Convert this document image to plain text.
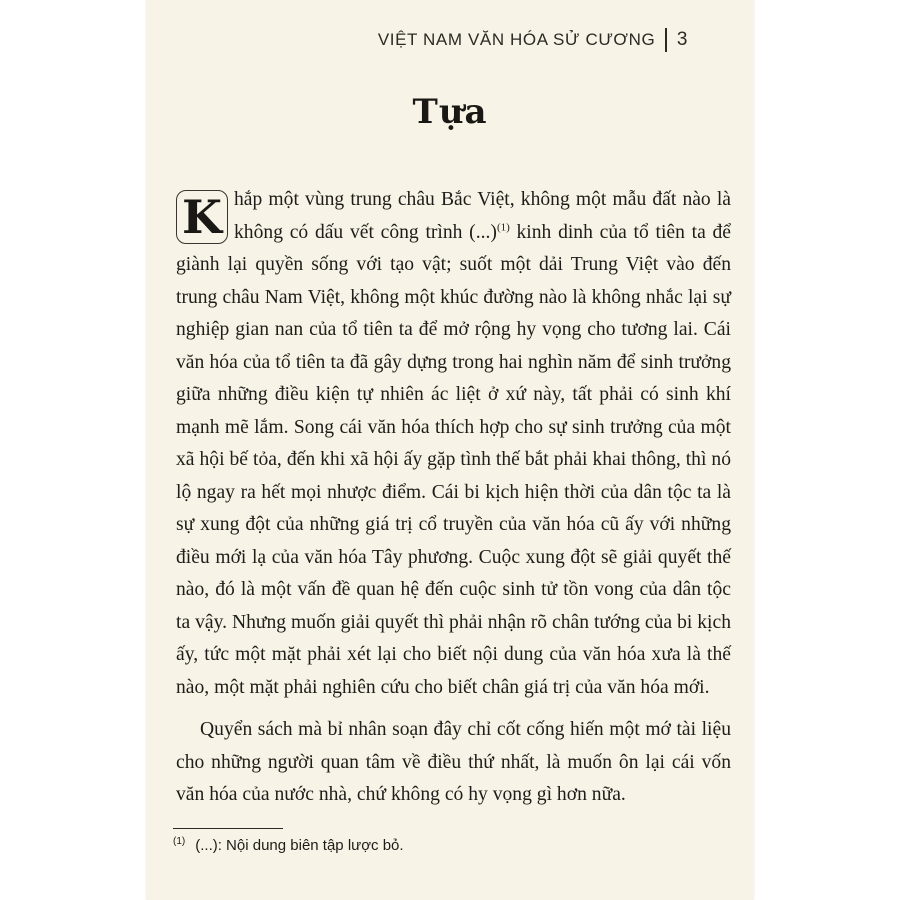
VIỆT NAM VĂN HÓA SỬ CƯƠNG 3
Tựa

K hắp một vùng trung châu Bắc Việt, không một mẫu đất nào là không có dấu vết công trình (...)$^{(1)}$ kinh dinh của tổ tiên ta để giành lại quyền sống với tạo vật; suốt một dải Trung Việt vào đến trung châu Nam Việt, không một khúc đường nào là không nhắc lại sự nghiệp gian nan của tổ tiên ta để mở rộng hy vọng cho tương lai. Cái văn hóa của tổ tiên ta đã gây dựng trong hai nghìn năm để sinh trưởng giữa những điều kiện tự nhiên ác liệt ở xứ này, tất phải có sinh khí mạnh mẽ lắm. Song cái văn hóa thích hợp cho sự sinh trưởng của một xã hội bế tỏa, đến khi xã hội ấy gặp tình thế bắt phải khai thông, thì nó lộ ngay ra hết mọi nhược điểm. Cái bi kịch hiện thời của dân tộc ta là sự xung đột của những giá trị cổ truyền của văn hóa cũ ấy với những điều mới lạ của văn hóa Tây phương. Cuộc xung đột sẽ giải quyết thế nào, đó là một vấn đề quan hệ đến cuộc sinh tử tồn vong của dân tộc ta vậy. Nhưng muốn giải quyết thì phải nhận rõ chân tướng của bi kịch ấy, tức một mặt phải xét lại cho biết nội dung của văn hóa xưa là thế nào, một mặt phải nghiên cứu cho biết chân giá trị của văn hóa mới.

Quyển sách mà bỉ nhân soạn đây chỉ cốt cống hiến một mớ tài liệu cho những người quan tâm về điều thứ nhất, là muốn ôn lại cái vốn văn hóa của nước nhà, chứ không có hy vọng gì hơn nữa.

$^{(1)}$ (...): Nội dung biên tập lược bỏ.
